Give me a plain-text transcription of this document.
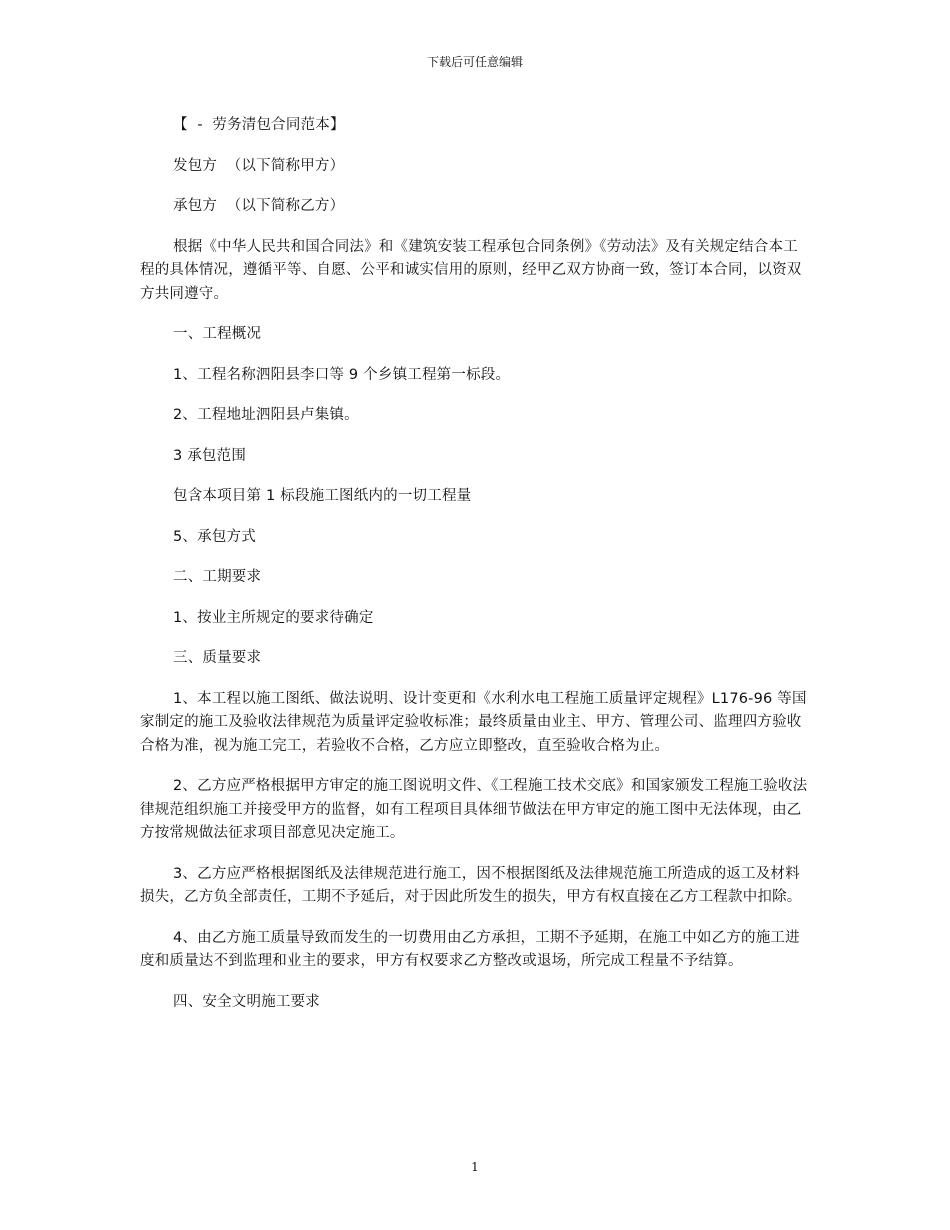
下载后可任意编辑

【  -  劳务清包合同范本】

发包方  （以下简称甲方）

承包方  （以下简称乙方）

根据《中华人民共和国合同法》和《建筑安装工程承包合同条例》《劳动法》及有关规定结合本工程的具体情况，遵循平等、自愿、公平和诚实信用的原则，经甲乙双方协商一致，签订本合同，以资双方共同遵守。

一、工程概况

1、工程名称泗阳县李口等 9 个乡镇工程第一标段。

2、工程地址泗阳县卢集镇。

3 承包范围

包含本项目第 1 标段施工图纸内的一切工程量

5、承包方式

二、工期要求

1、按业主所规定的要求待确定

三、质量要求

1、本工程以施工图纸、做法说明、设计变更和《水利水电工程施工质量评定规程》L176-96 等国家制定的施工及验收法律规范为质量评定验收标准；最终质量由业主、甲方、管理公司、监理四方验收合格为准，视为施工完工，若验收不合格，乙方应立即整改，直至验收合格为止。

2、乙方应严格根据甲方审定的施工图说明文件、《工程施工技术交底》和国家颁发工程施工验收法律规范组织施工并接受甲方的监督，如有工程项目具体细节做法在甲方审定的施工图中无法体现，由乙方按常规做法征求项目部意见决定施工。

3、乙方应严格根据图纸及法律规范进行施工，因不根据图纸及法律规范施工所造成的返工及材料损失，乙方负全部责任，工期不予延后，对于因此所发生的损失，甲方有权直接在乙方工程款中扣除。

4、由乙方施工质量导致而发生的一切费用由乙方承担，工期不予延期，在施工中如乙方的施工进度和质量达不到监理和业主的要求，甲方有权要求乙方整改或退场，所完成工程量不予结算。

四、安全文明施工要求

1
